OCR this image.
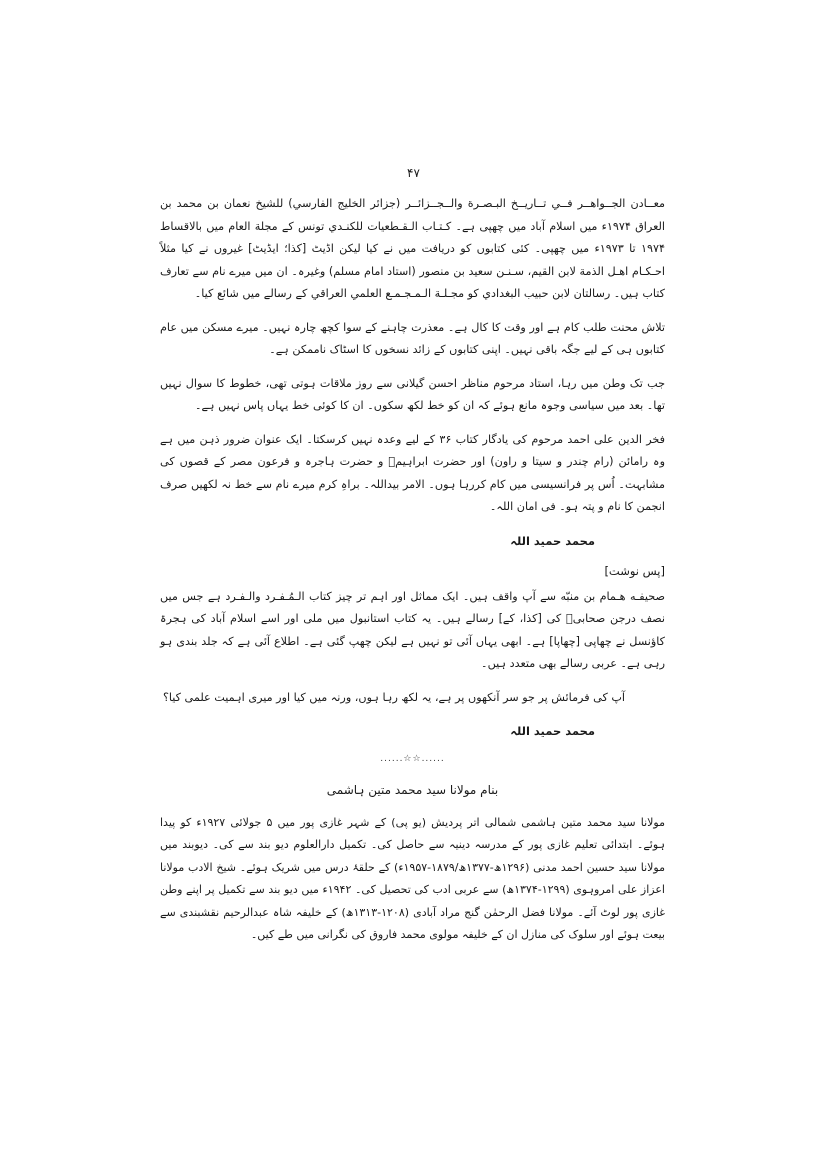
۴۷

معــادن الجــواهــر فــي تــاريــخ البـصـرة والــجــزائــر (جزائر الخليج الفارسي) للشيخ نعمان بن محمد بن العراق ۱۹۷۴ء میں اسلام آباد میں چھپی ہے۔ كـتـاب الـقـطعيات للكنـدي تونس کے مجلة العام میں بالاقساط ۱۹۷۴ تا ۱۹۷۳ء میں چھپی۔ کئی کتابوں کو دریافت میں نے کیا لیکن اڈیٹ [کذا؛ ایڈیٹ] غیروں نے کیا مثلاً احـكـام اهـل الذمة لابن القيم، سـنـن سعيد بن منصور (استاد امام مسلم) وغیرہ۔ ان میں میرے نام سے تعارف کتاب ہیں۔ رسالتان لابن حبيب البغدادي کو مجـلـة الـمـجـمـع العلمي العراقي کے رسالے میں شائع کیا۔

تلاش محنت طلب کام ہے اور وقت کا کال ہے۔ معذرت چاہنے کے سوا کچھ چارہ نہیں۔ میرے مسکن میں عام کتابوں ہی کے لیے جگہ باقی نہیں۔ اپنی کتابوں کے زائد نسخوں کا اسٹاک ناممکن ہے۔

جب تک وطن میں رہا، استاد مرحوم مناظر احسن گیلانی سے روز ملاقات ہوتی تھی، خطوط کا سوال نہیں تھا۔ بعد میں سیاسی وجوہ مانع ہوئے کہ ان کو خط لکھ سکوں۔ ان کا کوئی خط یہاں پاس نہیں ہے۔

فخر الدین علی احمد مرحوم کی یادگار کتاب ۳۶ کے لیے وعدہ نہیں کرسکتا۔ ایک عنوان ضرور ذہن میں ہے وہ رامائن (رام چندر و سیتا و راون) اور حضرت ابراہیمؑ و حضرت ہاجرہ و فرعون مصر کے قصوں کی مشابہت۔ اُس پر فرانسیسی میں کام کررہا ہوں۔ الامر بیداللہ۔ براہِ کرم میرے نام سے خط نہ لکھیں صرف انجمن کا نام و پتہ ہو۔ فی امان اللہ۔

محمد حمید اللہ
[پس نوشت]

صحيفـه هـمام بن منبّه سے آپ واقف ہیں۔ ایک مماثل اور اہم تر چیز كتاب الـمُـفـرد والـفـرد ہے جس میں نصف درجن صحابیؓ کی [کذا، کے] رسالے ہیں۔ یہ کتاب استانبول میں ملی اور اسے اسلام آباد کی ہجرۃ کاؤنسل نے چھاپی [چھاپا] ہے۔ ابھی یہاں آئی تو نہیں ہے لیکن چھپ گئی ہے۔ اطلاع آئی ہے کہ جلد بندی ہو رہی ہے۔ عربی رسالے بھی متعدد ہیں۔

آپ کی فرمائش پر جو سر آنکھوں پر ہے، یہ لکھ رہا ہوں، ورنہ میں کیا اور میری اہمیت علمی کیا؟

محمد حمید اللہ
......☆☆......
بنام مولانا سید محمد متین ہاشمی

مولانا سید محمد متین ہاشمی شمالی اتر پردیش (یو پی) کے شہر غازی پور میں ۵ جولائی ۱۹۲۷ء کو پیدا ہوئے۔ ابتدائی تعلیم غازی پور کے مدرسہ دینیہ سے حاصل کی۔ تکمیل دارالعلوم دیو بند سے کی۔ دیوبند میں مولانا سید حسین احمد مدنی (۱۲۹۶ھ-۱۳۷۷ھ/۱۸۷۹-۱۹۵۷ء) کے حلقۂ درس میں شریک ہوئے۔ شیخ الادب مولانا اعزاز علی امروہوی (۱۲۹۹-۱۳۷۴ھ) سے عربی ادب کی تحصیل کی۔ ۱۹۴۲ء میں دیو بند سے تکمیل پر اپنے وطن غازی پور لوٹ آئے۔ مولانا فضل الرحمٰن گنج مراد آبادی (۱۲۰۸-۱۳۱۳ھ) کے خلیفہ شاہ عبدالرحیم نقشبندی سے بیعت ہوئے اور سلوک کی منازل ان کے خلیفہ مولوی محمد فاروق کی نگرانی میں طے کیں۔
